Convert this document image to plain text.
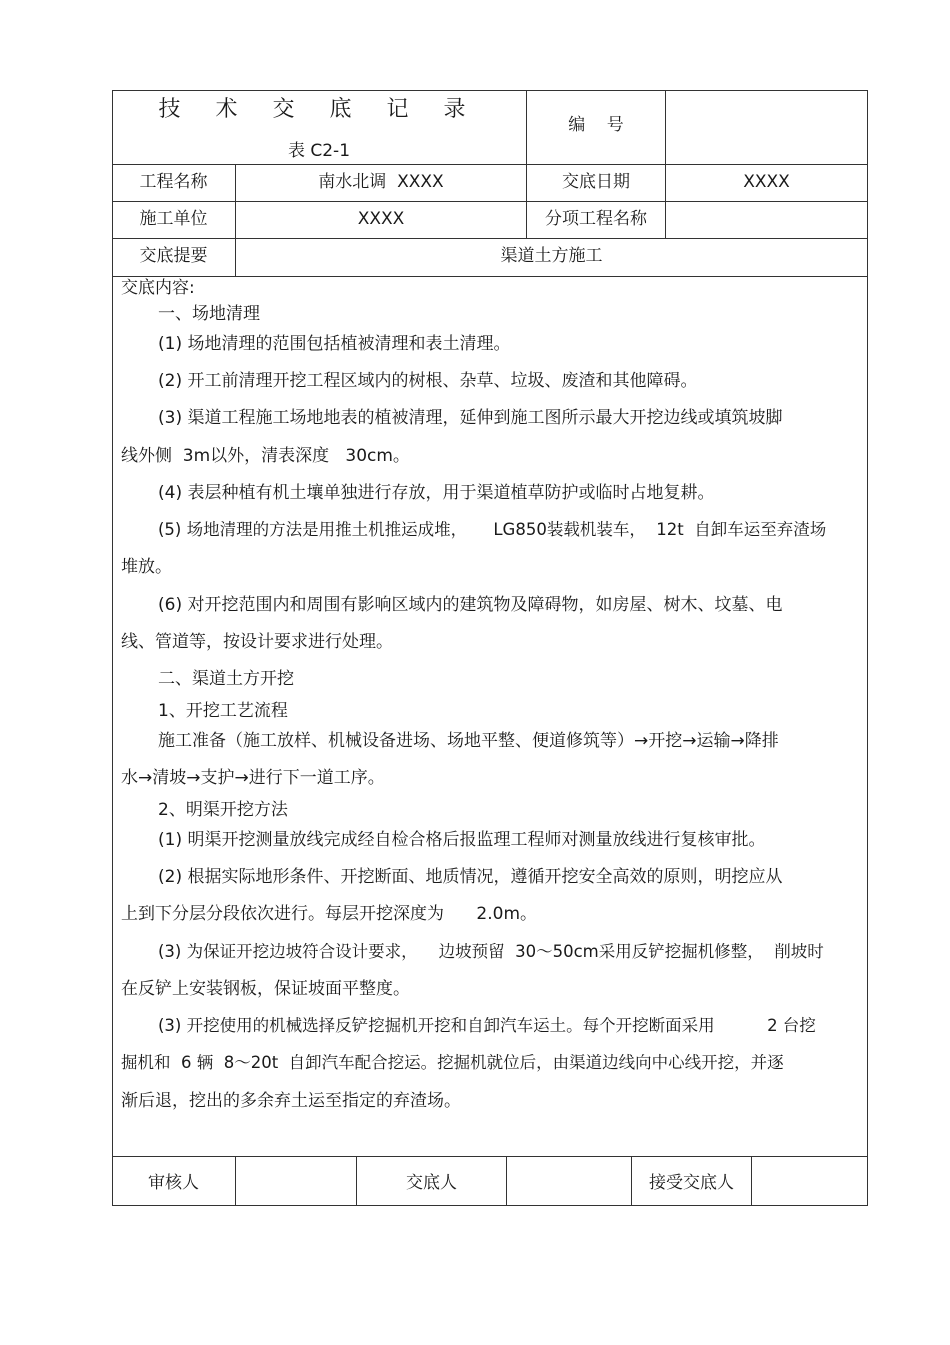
技 术 交 底 记 录
表 C2-1
编    号
工程名称	南水北调  XXXX	交底日期	XXXX
施工单位	XXXX	分项工程名称
交底提要	渠道土方施工
交底内容:
一、场地清理
(1) 场地清理的范围包括植被清理和表土清理。
(2) 开工前清理开挖工程区域内的树根、杂草、垃圾、废渣和其他障碍。
(3) 渠道工程施工场地地表的植被清理，延伸到施工图所示最大开挖边线或填筑坡脚
线外侧  3m以外，清表深度   30cm。
(4) 表层种植有机土壤单独进行存放，用于渠道植草防护或临时占地复耕。
(5) 场地清理的方法是用推土机推运成堆，     LG850装载机装车，  12t  自卸车运至弃渣场
堆放。
(6) 对开挖范围内和周围有影响区域内的建筑物及障碍物，如房屋、树木、坟墓、电
线、管道等，按设计要求进行处理。
二、渠道土方开挖
1、开挖工艺流程
施工准备（施工放样、机械设备进场、场地平整、便道修筑等）→开挖→运输→降排
水→清坡→支护→进行下一道工序。
2、明渠开挖方法
(1) 明渠开挖测量放线完成经自检合格后报监理工程师对测量放线进行复核审批。
(2) 根据实际地形条件、开挖断面、地质情况，遵循开挖安全高效的原则，明挖应从
上到下分层分段依次进行。每层开挖深度为      2.0m。
(3) 为保证开挖边坡符合设计要求，    边坡预留  30～50cm采用反铲挖掘机修整，  削坡时
在反铲上安装钢板，保证坡面平整度。
(3) 开挖使用的机械选择反铲挖掘机开挖和自卸汽车运土。每个开挖断面采用          2 台挖
掘机和  6 辆  8～20t  自卸汽车配合挖运。挖掘机就位后，由渠道边线向中心线开挖，并逐
渐后退，挖出的多余弃土运至指定的弃渣场。
审核人	交底人	接受交底人
